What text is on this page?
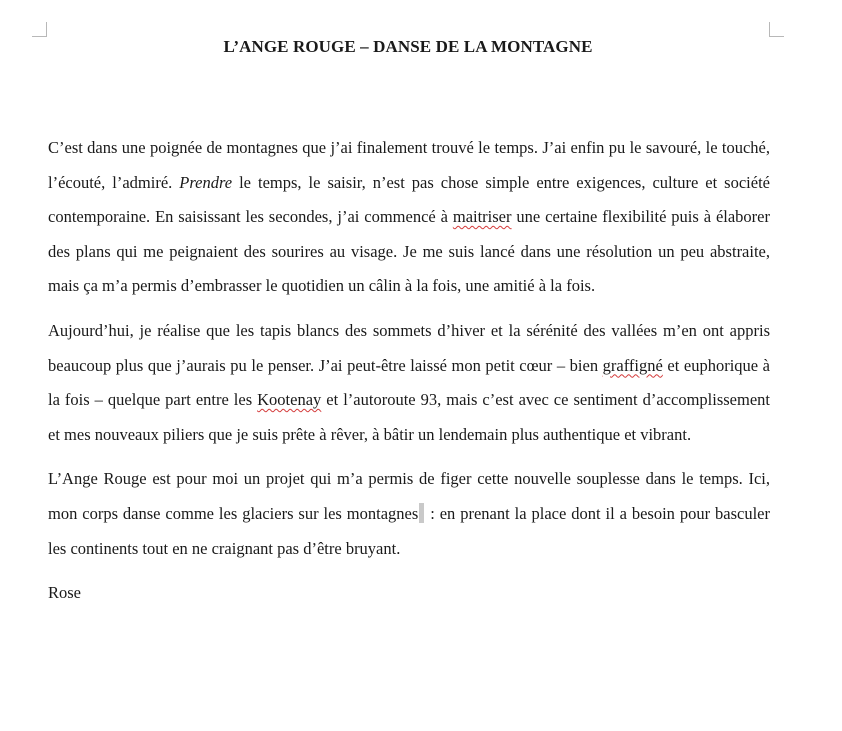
L’ANGE ROUGE – DANSE DE LA MONTAGNE

C’est dans une poignée de montagnes que j’ai finalement trouvé le temps. J’ai enfin pu le savouré, le touché, l’écouté, l’admiré. Prendre le temps, le saisir, n’est pas chose simple entre exigences, culture et société contemporaine. En saisissant les secondes, j’ai commencé à maitriser une certaine flexibilité puis à élaborer des plans qui me peignaient des sourires au visage. Je me suis lancé dans une résolution un peu abstraite, mais ça m’a permis d’embrasser le quotidien un câlin à la fois, une amitié à la fois.

Aujourd’hui, je réalise que les tapis blancs des sommets d’hiver et la sérénité des vallées m’en ont appris beaucoup plus que j’aurais pu le penser. J’ai peut-être laissé mon petit cœur – bien graffigné et euphorique à la fois – quelque part entre les Kootenay et l’autoroute 93, mais c’est avec ce sentiment d’accomplissement et mes nouveaux piliers que je suis prête à rêver, à bâtir un lendemain plus authentique et vibrant.

L’Ange Rouge est pour moi un projet qui m’a permis de figer cette nouvelle souplesse dans le temps. Ici, mon corps danse comme les glaciers sur les montagnes : en prenant la place dont il a besoin pour basculer les continents tout en ne craignant pas d’être bruyant.

Rose
